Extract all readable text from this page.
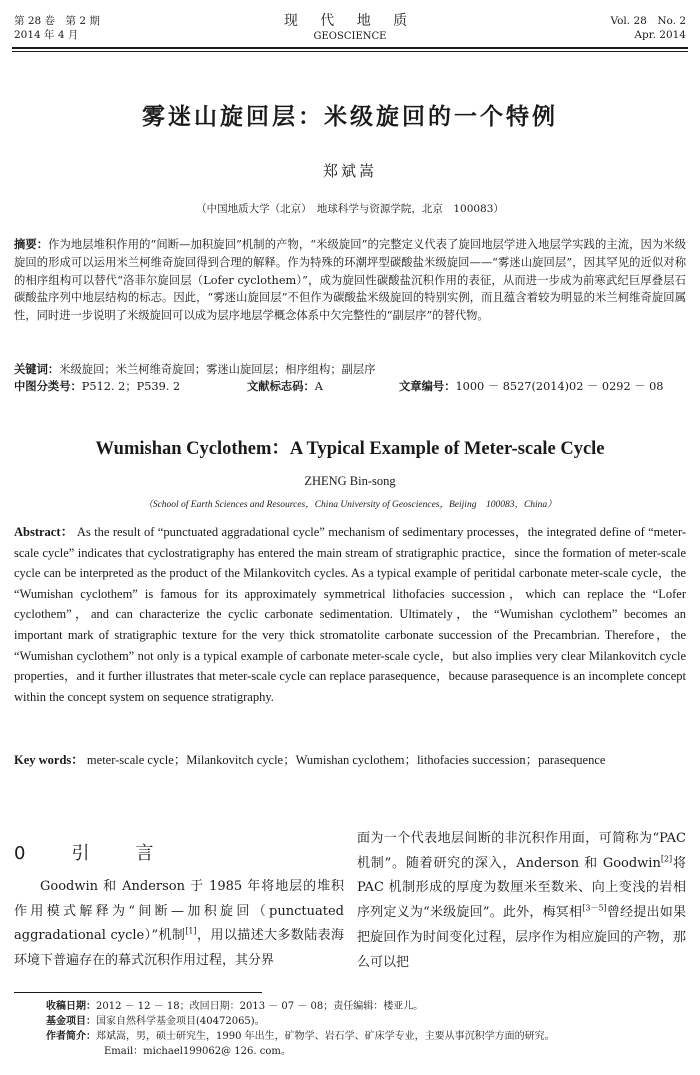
第 28 卷　第 2 期
2014 年 4 月
现 代 地 质
GEOSCIENCE
Vol. 28　No. 2
Apr. 2014
雾迷山旋回层：米级旋回的一个特例
郑斌嵩
（中国地质大学（北京）　地球科学与资源学院，北京　100083）
摘要：作为地层堆积作用的“间断—加积旋回”机制的产物，“米级旋回”的完整定义代表了旋回地层学进入地层学实践的主流，因为米级旋回的形成可以运用米兰柯维奇旋回得到合理的解释。作为特殊的环潮坪型碳酸盐米级旋回——“雾迷山旋回层”，因其罕见的近似对称的相序组构可以替代“洛菲尔旋回层（Lofer cyclothem）”，成为旋回性碳酸盐沉积作用的表征，从而进一步成为前寒武纪巨厚叠层石碳酸盐序列中地层结构的标志。因此，“雾迷山旋回层”不但作为碳酸盐米级旋回的特别实例，而且蕴含着较为明显的米兰柯维奇旋回属性，同时进一步说明了米级旋回可以成为层序地层学概念体系中欠完整性的“副层序”的替代物。
关键词：米级旋回；米兰柯维奇旋回；雾迷山旋回层；相序组构；副层序
中图分类号：P512. 2；P539. 2	文献标志码：A	文章编号：1000 － 8527(2014)02 － 0292 － 08
Wumishan Cyclothem：A Typical Example of Meter-scale Cycle
ZHENG Bin-song
（School of Earth Sciences and Resources，China University of Geosciences，Beijing　100083，China）
Abstract： As the result of “punctuated aggradational cycle” mechanism of sedimentary processes，the integrated define of “meter-scale cycle” indicates that cyclostratigraphy has entered the main stream of stratigraphic practice，since the formation of meter-scale cycle can be interpreted as the product of the Milankovitch cycles. As a typical example of peritidal carbonate meter-scale cycle，the “Wumishan cyclothem” is famous for its approximately symmetrical lithofacies succession，which can replace the “Lofer cyclothem”，and can characterize the cyclic carbonate sedimentation. Ultimately，the “Wumishan cyclothem” becomes an important mark of stratigraphic texture for the very thick stromatolite carbonate succession of the Precambrian. Therefore，the “Wumishan cyclothem” not only is a typical example of carbonate meter-scale cycle，but also implies very clear Milankovitch cycle properties，and it further illustrates that meter-scale cycle can replace parasequence，because parasequence is an incomplete concept within the concept system on sequence stratigraphy.
Key words： meter-scale cycle；Milankovitch cycle；Wumishan cyclothem；lithofacies succession；parasequence
0　引　言
Goodwin 和 Anderson 于 1985 年将地层的堆积作用模式解释为“间断—加积旋回（punctuated aggradational cycle）”机制[1]，用以描述大多数陆表海环境下普遍存在的幕式沉积作用过程，其分界
面为一个代表地层间断的非沉积作用面，可简称为“PAC 机制”。随着研究的深入，Anderson 和 Goodwin[2]将 PAC 机制形成的厚度为数厘米至数米、向上变浅的岩相序列定义为“米级旋回”。此外，梅冥相[3－5]曾经提出如果把旋回作为时间变化过程，层序作为相应旋回的产物，那么可以把
收稿日期：2012 － 12 － 18；改回日期：2013 － 07 － 08；责任编辑：楼亚儿。
基金项目：国家自然科学基金项目(40472065)。
作者简介：郑斌嵩，男，硕士研究生，1990 年出生，矿物学、岩石学、矿床学专业，主要从事沉积学方面的研究。
Email：michael199062@ 126. com。
